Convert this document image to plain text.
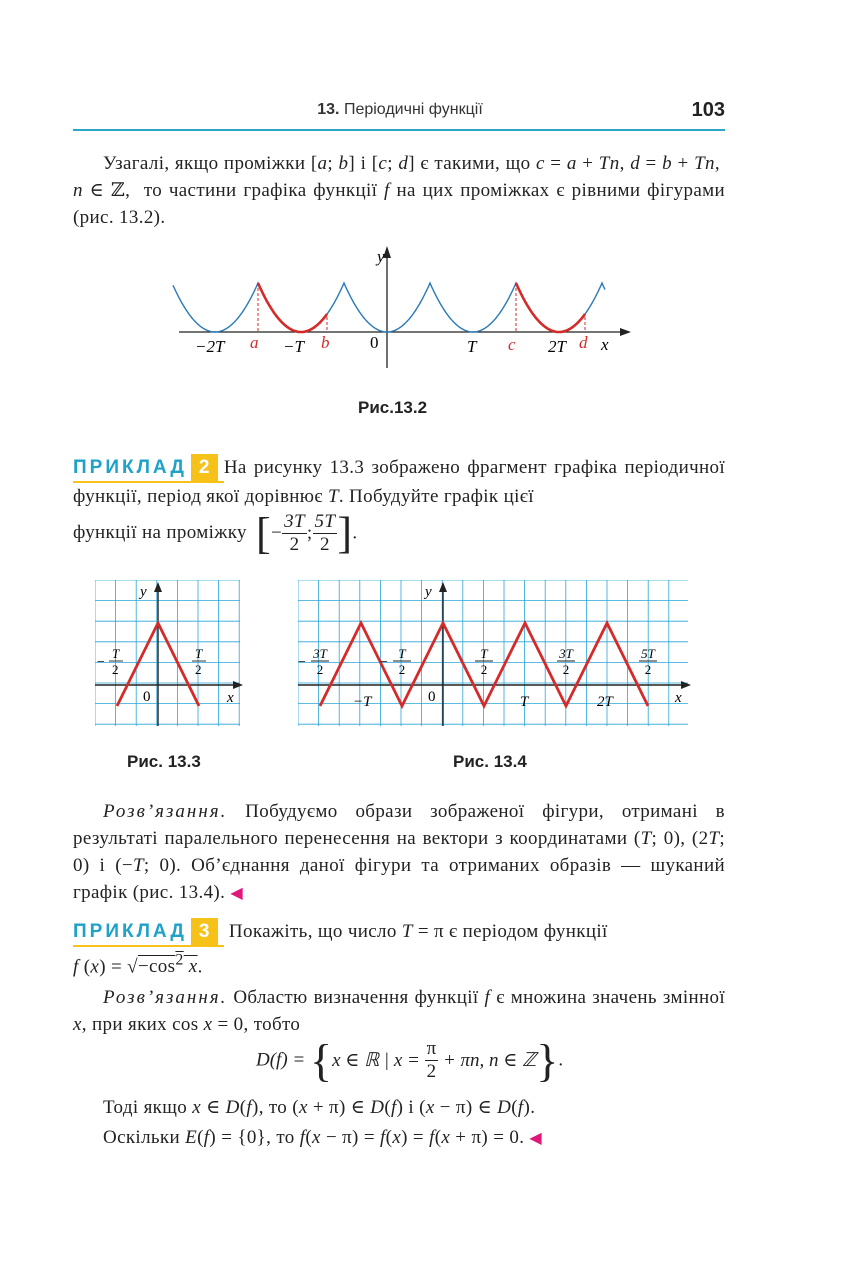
13. Періодичні функції	103
Узагалі, якщо проміжки [a; b] і [c; d] є такими, що c = a + Tn, d = b + Tn,  n ∈ ℤ,  то частини графіка функції f на цих проміжках є рівними фігурами (рис. 13.2).
y
x
−2T a −T b 0	T c 2T d
Рис.13.2
ПРИКЛАД 2 На рисунку 13.3 зображено фрагмент графіка періодичної функції, період якої дорівнює T. Побудуйте графік цієї
функції на проміжку [− $\frac{3T}{2}$ ; $\frac{5T}{2}$ ].
y
x
0
−
T
2
T
2
Рис. 13.3
y
x
0
−T	T	2T
−
3T
2	−
T
2
T
2
3T
2
5T
2
Рис. 13.4
Розв’язання. Побудуємо образи зображеної фігури, отримані в результаті паралельного перенесення на вектори з координатами (T; 0), (2T; 0) і (−T; 0). Об’єднання даної фігури та отриманих образів — шуканий графік (рис. 13.4). ◀
ПРИКЛАД 3 Покажіть, що число T = π є періодом функції
f $(x) = √-\cos^2$ x.
Розв’язання. Областю визначення функції f є множина значень змінної x, при яких cos x = 0, тобто
D(f) = {x ∈ ℝ | $x = \frac{\pi}{2} + \pi n$, n ∈ ℤ}.
Тоді якщо x ∈ D(f), то (x + π) ∈ D(f) і (x − π) ∈ D(f).
Оскільки E(f) = {0}, то f(x − π) = f(x) = f(x + π) = 0. ◀
